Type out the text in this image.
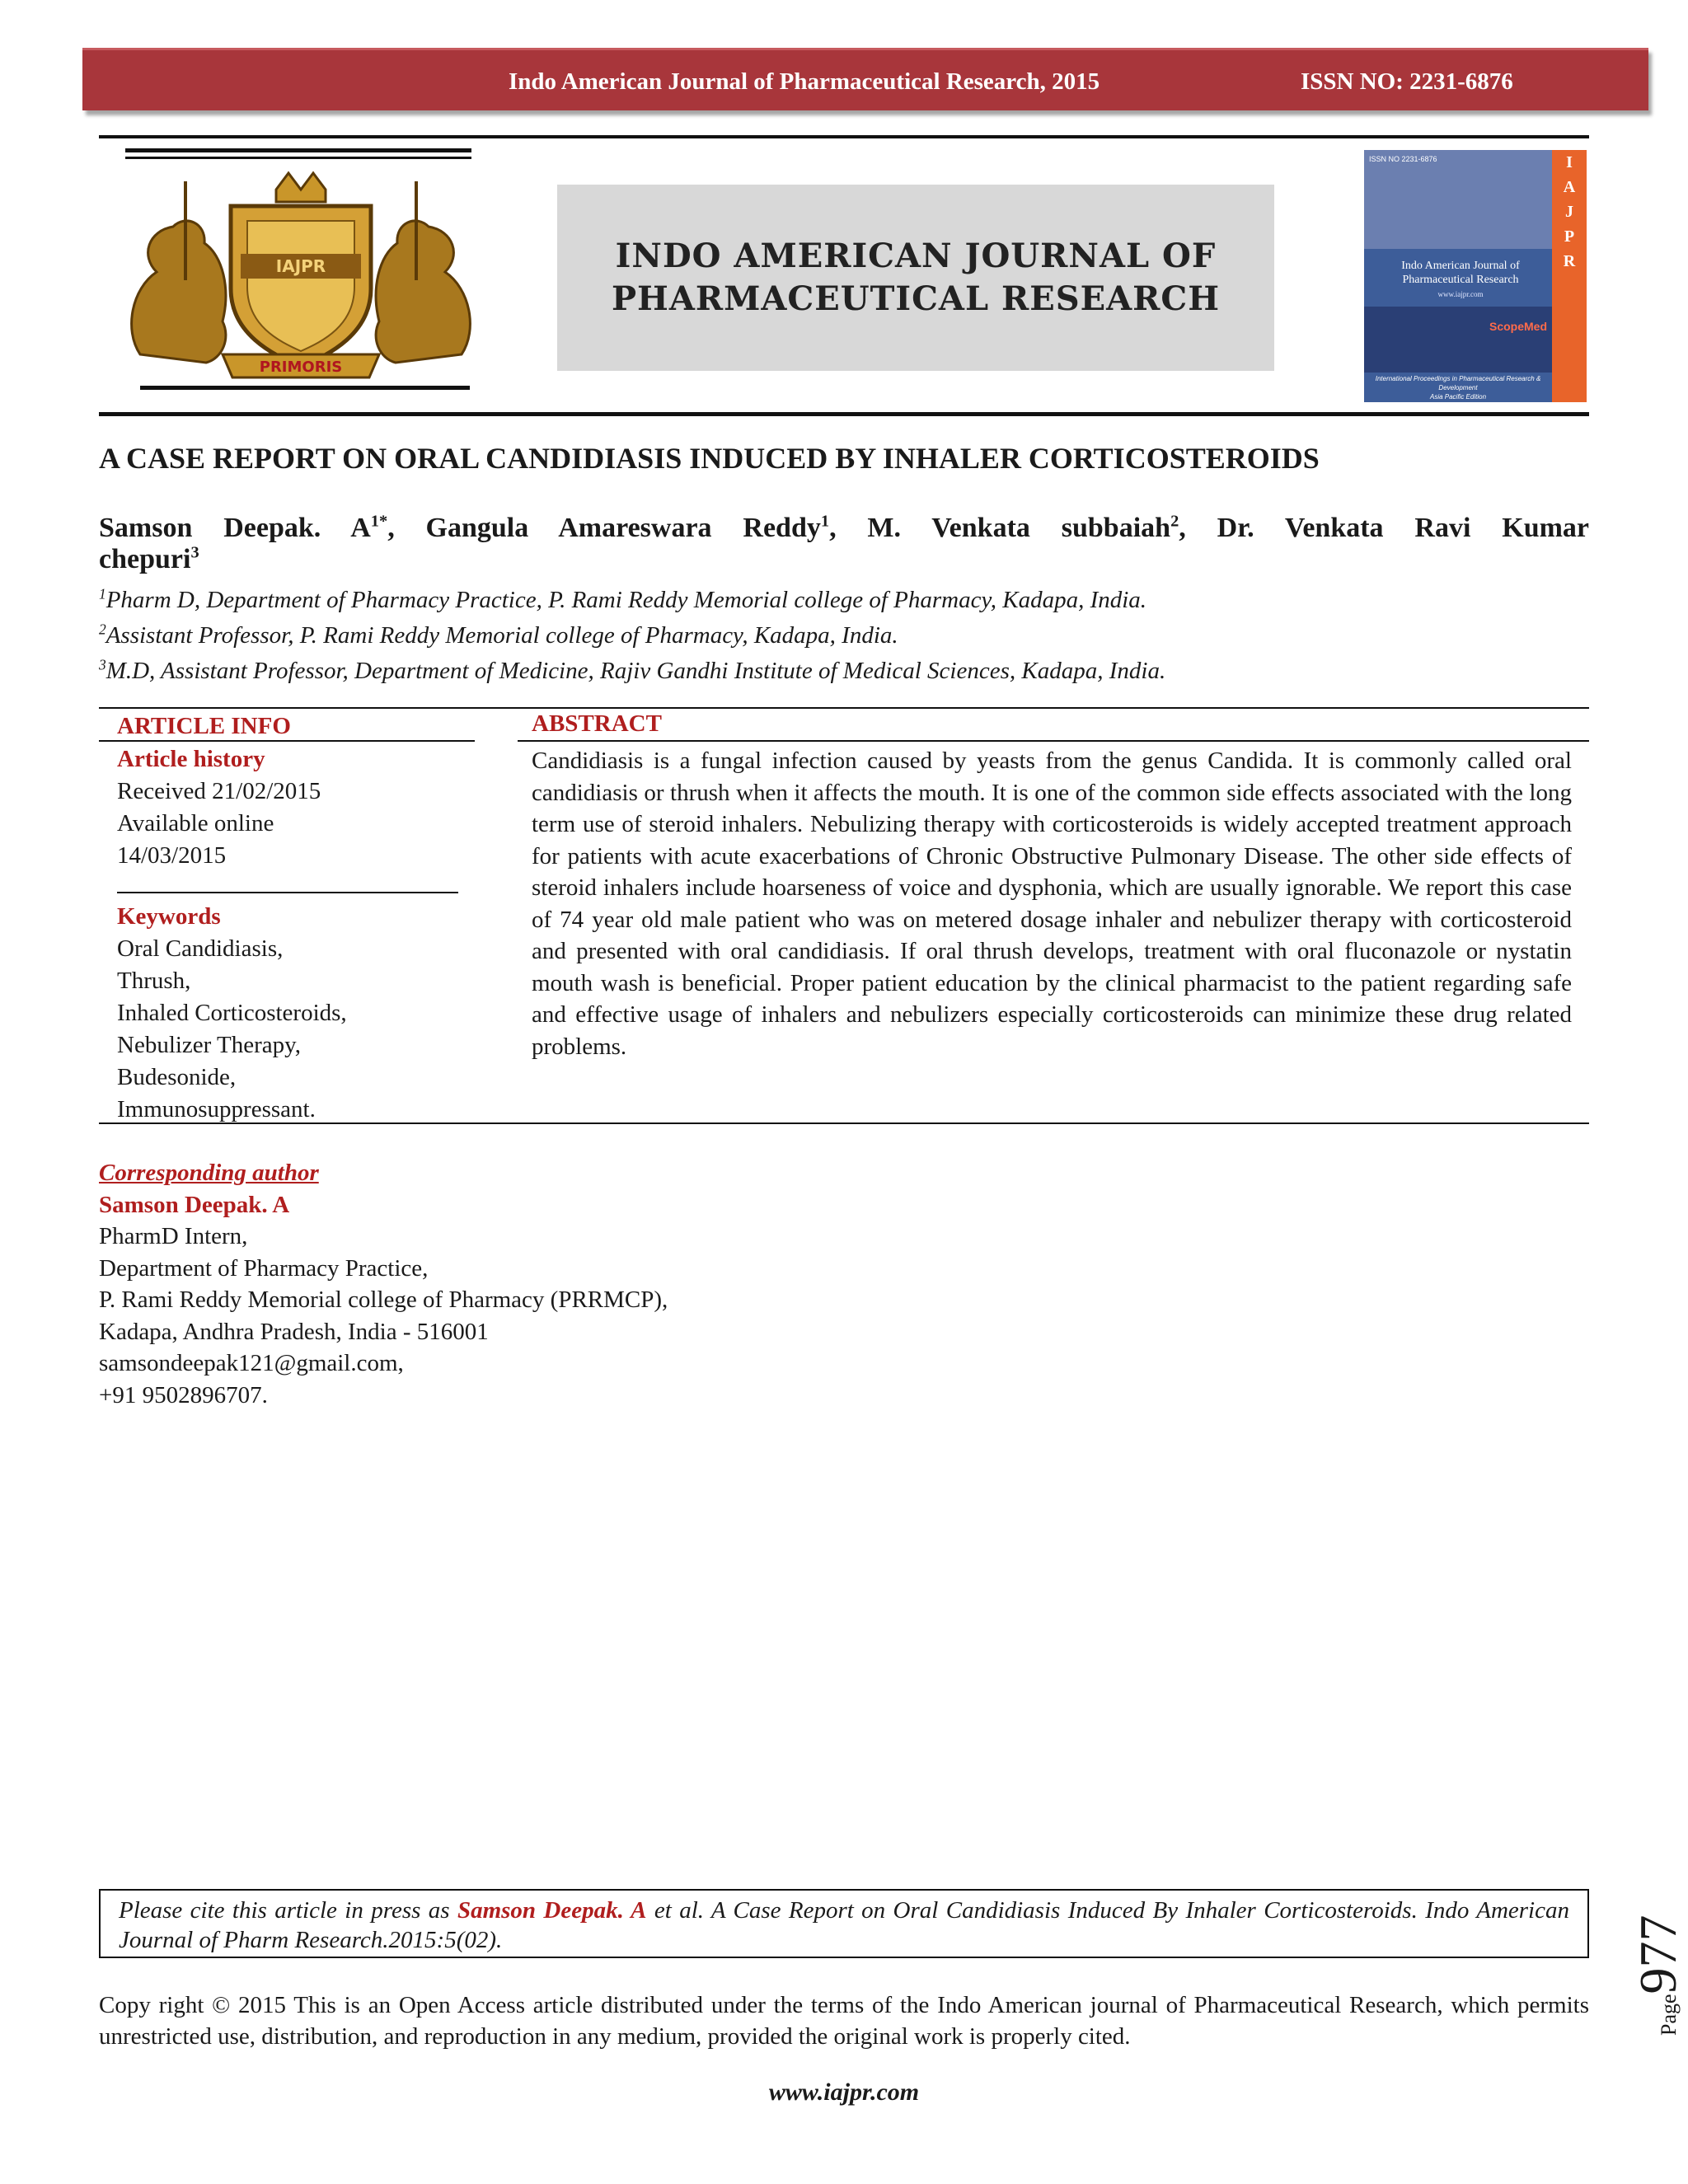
Indo American Journal of Pharmaceutical Research, 2015	ISSN NO: 2231-6876
IAJPR
PRIMORIS
INDO AMERICAN JOURNAL OF
PHARMACEUTICAL RESEARCH
ISSN NO 2231-6876	I
A
J
P
R
Indo American Journal of Pharmaceutical Research
www.iajpr.com
ScopeMed
International Proceedings in Pharmaceutical Research & Development
Asia Pacific Edition
A CASE REPORT ON ORAL CANDIDIASIS INDUCED BY INHALER CORTICOSTEROIDS
Samson Deepak. $A^{1*}$, Gangula Amareswara Reddy$^1$, M. Venkata subbaiah$^2$, Dr. Venkata Ravi Kumar
chepuri$^3$
$^1$Pharm D, Department of Pharmacy Practice, P. Rami Reddy Memorial college of Pharmacy, Kadapa, India.
$^2$Assistant Professor, P. Rami Reddy Memorial college of Pharmacy, Kadapa, India.
$^3$M.D, Assistant Professor, Department of Medicine, Rajiv Gandhi Institute of Medical Sciences, Kadapa, India.
ARTICLE INFO
Article history
Received 21/02/2015
Available online
14/03/2015
Keywords
Oral Candidiasis,
Thrush,
Inhaled Corticosteroids,
Nebulizer Therapy,
Budesonide,
Immunosuppressant.
ABSTRACT
Candidiasis is a fungal infection caused by yeasts from the genus Candida. It is commonly called oral candidiasis or thrush when it affects the mouth. It is one of the common side effects associated with the long term use of steroid inhalers. Nebulizing therapy with corticosteroids is widely accepted treatment approach for patients with acute exacerbations of Chronic Obstructive Pulmonary Disease. The other side effects of steroid inhalers include hoarseness of voice and dysphonia, which are usually ignorable. We report this case of 74 year old male patient who was on metered dosage inhaler and nebulizer therapy with corticosteroid and presented with oral candidiasis. If oral thrush develops, treatment with oral fluconazole or nystatin mouth wash is beneficial. Proper patient education by the clinical pharmacist to the patient regarding safe and effective usage of inhalers and nebulizers especially corticosteroids can minimize these drug related problems.
Corresponding author
Samson Deepak. A
PharmD Intern,
Department of Pharmacy Practice,
P. Rami Reddy Memorial college of Pharmacy (PRRMCP),
Kadapa, Andhra Pradesh, India - 516001
samsondeepak121@gmail.com,
+91 9502896707.
Please cite this article in press as Samson Deepak. A et al. A Case Report on Oral Candidiasis Induced By Inhaler Corticosteroids. Indo American Journal of Pharm Research.2015:5(02).
Copy right © 2015 This is an Open Access article distributed under the terms of the Indo American journal of Pharmaceutical Research, which permits unrestricted use, distribution, and reproduction in any medium, provided the original work is properly cited.
Page977
www.iajpr.com
